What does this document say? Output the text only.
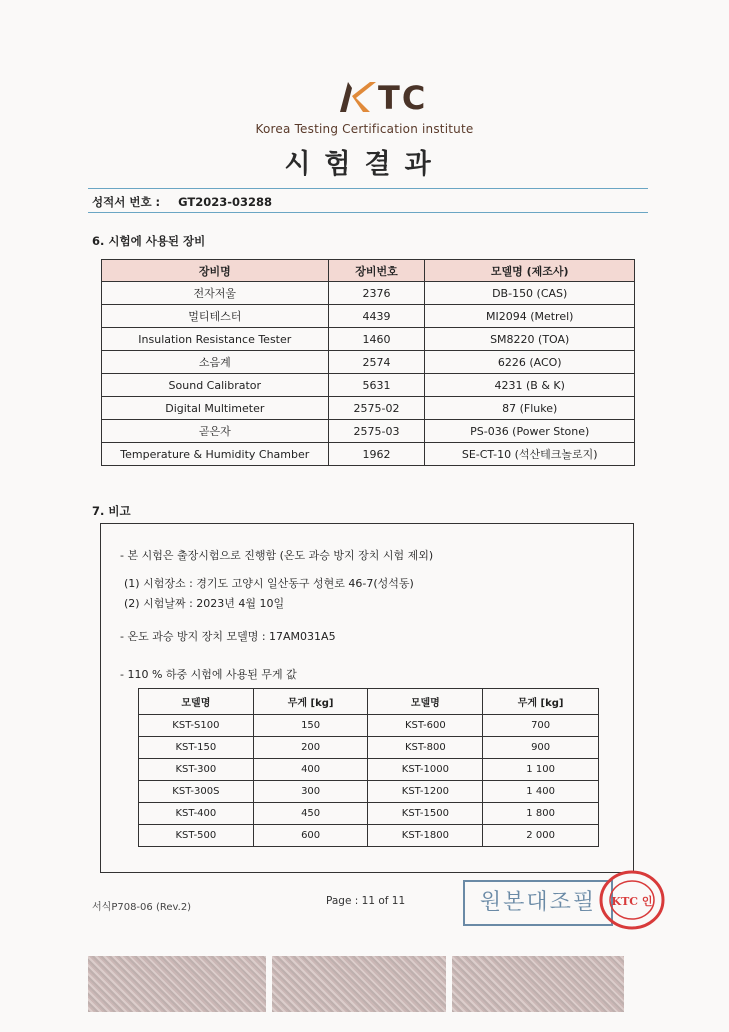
TC
Korea Testing Certification institute
시험결과
성적서 번호 : GT2023-03288
6. 시험에 사용된 장비
장비명	장비번호	모델명 (제조사)
전자저울	2376	DB-150 (CAS)
멀티테스터	4439	MI2094 (Metrel)
Insulation Resistance Tester	1460	SM8220 (TOA)
소음계	2574	6226 (ACO)
Sound Calibrator	5631	4231 (B & K)
Digital Multimeter	2575-02	87 (Fluke)
곧은자	2575-03	PS-036 (Power Stone)
Temperature & Humidity Chamber	1962	SE-CT-10 (석산테크놀로지)
7. 비고
- 본 시험은 출장시험으로 진행함 (온도 과승 방지 장치 시험 제외)
(1) 시험장소 : 경기도 고양시 일산동구 성현로 46-7(성석동)
(2) 시험날짜 : 2023년 4월 10일
- 온도 과승 방지 장치 모델명 : 17AM031A5
- 110 % 하중 시험에 사용된 무게 값
모델명	무게 [kg]	모델명	무게 [kg]
KST-S100	150	KST-600	700
KST-150	200	KST-800	900
KST-300	400	KST-1000	1 100
KST-300S	300	KST-1200	1 400
KST-400	450	KST-1500	1 800
KST-500	600	KST-1800	2 000
서식P708-06 (Rev.2)
Page : 11 of 11	원본대조필	KTC 인
